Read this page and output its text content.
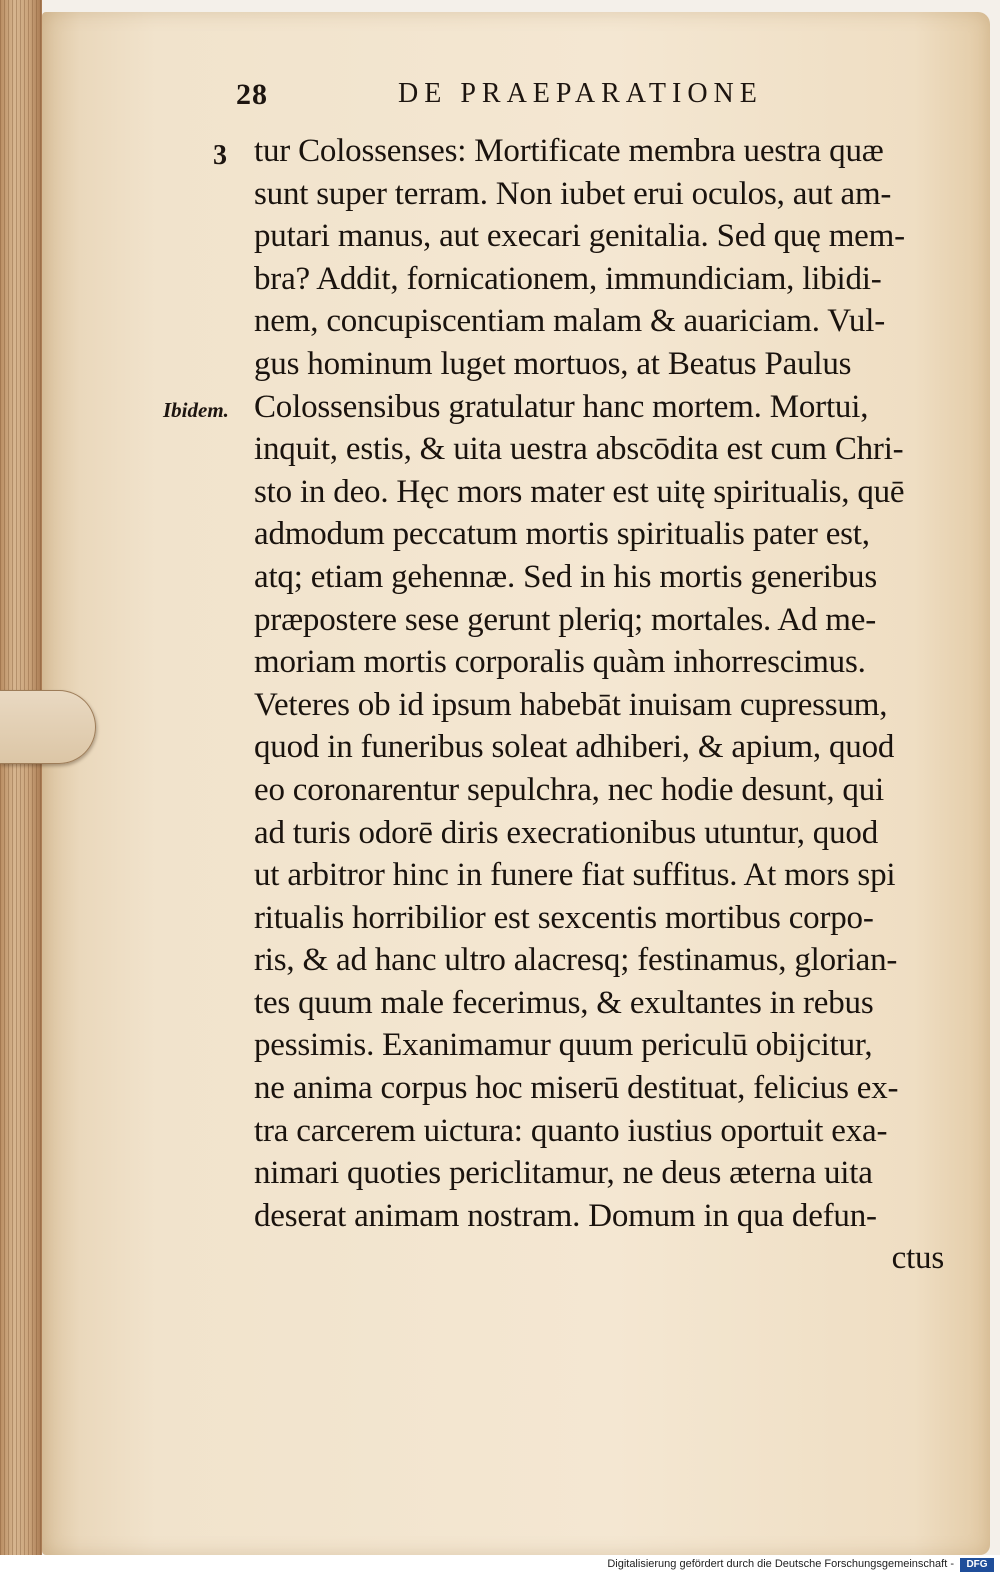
28	DE PRAEPARATIONE
3
Ibidem.
tur Colossenses: Mortificate membra uestra quæ
sunt super terram. Non iubet erui oculos, aut am-
putari manus, aut execari genitalia. Sed quę mem-
bra? Addit, fornicationem, immundiciam, libidi-
nem, concupiscentiam malam & auariciam. Vul-
gus hominum luget mortuos, at Beatus Paulus
Colossensibus gratulatur hanc mortem. Mortui,
inquit, estis, & uita uestra abscōdita est cum Chri-
sto in deo. Hęc mors mater est uitę spiritualis, quē
admodum peccatum mortis spiritualis pater est,
atq; etiam gehennæ. Sed in his mortis generibus
præpostere sese gerunt pleriq; mortales. Ad me-
moriam mortis corporalis quàm inhorrescimus.
Veteres ob id ipsum habebāt inuisam cupressum,
quod in funeribus soleat adhiberi, & apium, quod
eo coronarentur sepulchra, nec hodie desunt, qui
ad turis odorē diris execrationibus utuntur, quod
ut arbitror hinc in funere fiat suffitus. At mors spi
ritualis horribilior est sexcentis mortibus corpo-
ris, & ad hanc ultro alacresq; festinamus, glorian-
tes quum male fecerimus, & exultantes in rebus
pessimis. Exanimamur quum periculū obijcitur,
ne anima corpus hoc miserū destituat, felicius ex-
tra carcerem uictura: quanto iustius oportuit exa-
nimari quoties periclitamur, ne deus æterna uita
deserat animam nostram. Domum in qua defun-
ctus
Digitalisierung gefördert durch die Deutsche Forschungsgemeinschaft -	DFG
